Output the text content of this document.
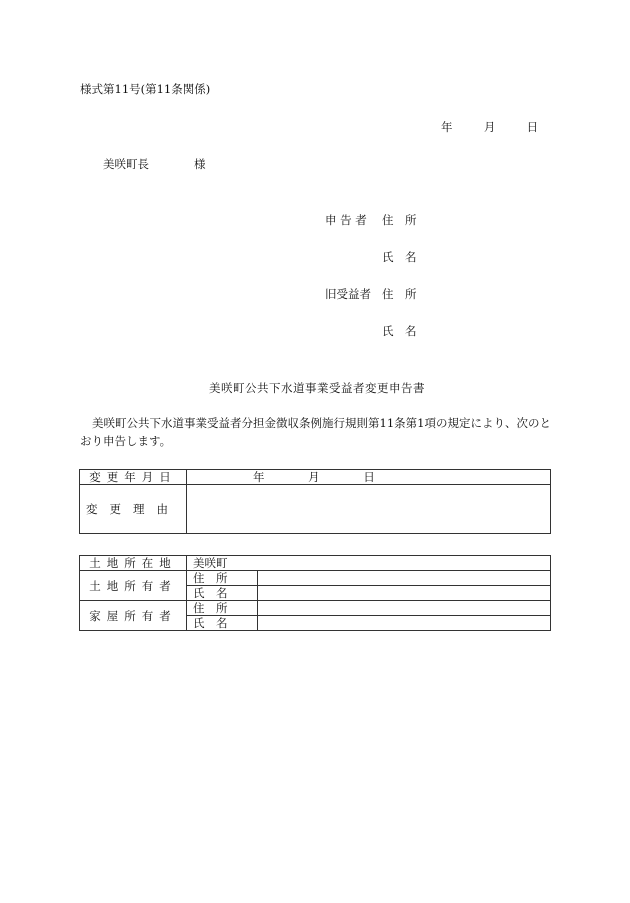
様式第11号(第11条関係)
年	月	日
美咲町長	様
申 告 者 住　所
氏　名
旧受益者 住　所
氏　名
美咲町公共下水道事業受益者変更申告書

美咲町公共下水道事業受益者分担金徴収条例施行規則第11条第1項の規定により、次のとおり申告します。

変更年月日	年 月 日
変更理由	
土地所在地	美咲町	
土地所有者	住　所	
	氏　名	
家屋所有者	住　所	
	氏　名	
